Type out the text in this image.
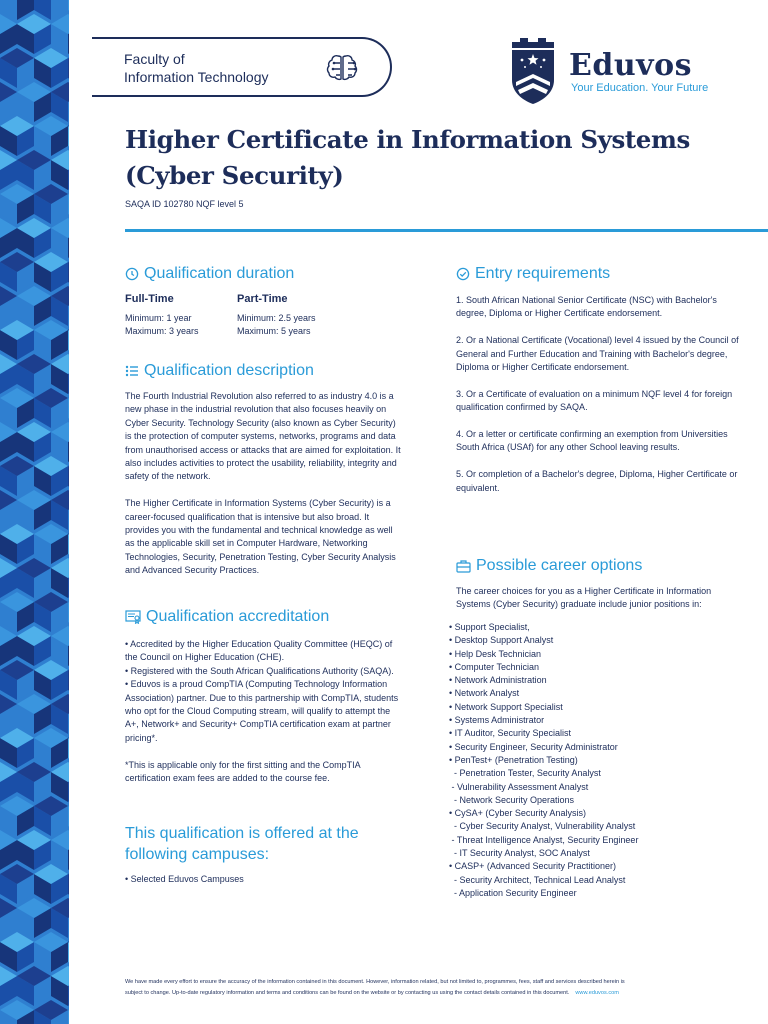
Faculty of
Information Technology	Eduvos
Your Education. Your Future
Higher Certificate in Information Systems
(Cyber Security)
SAQA ID 102780 NQF level 5
Qualification duration
Full-Time
Minimum: 1 year
Maximum: 3 years
Part-Time
Minimum: 2.5 years
Maximum: 5 years
Qualification description

The Fourth Industrial Revolution also referred to as industry 4.0 is a new phase in the industrial revolution that also focuses heavily on Cyber Security. Technology Security (also known as Cyber Security) is the protection of computer systems, networks, programs and data from unauthorised access or attacks that are aimed for exploitation. It also includes activities to protect the usability, reliability, integrity and safety of the network.

The Higher Certificate in Information Systems (Cyber Security) is a career-focused qualification that is intensive but also broad. It provides you with the fundamental and technical knowledge as well as the applicable skill set in Computer Hardware, Networking Technologies, Security, Penetration Testing, Cyber Security Analysis and Advanced Security Practices.

Qualification accreditation
• Accredited by the Higher Education Quality Committee (HEQC) of the Council on Higher Education (CHE).
• Registered with the South African Qualifications Authority (SAQA).
• Eduvos is a proud CompTIA (Computing Technology Information Association) partner. Due to this partnership with CompTIA, students who opt for the Cloud Computing stream, will qualify to attempt the A+, Network+ and Security+ CompTIA certification exam at partner pricing*.

*This is applicable only for the first sitting and the CompTIA certification exam fees are added to the course fee.

This qualification is offered at the following campuses:
• Selected Eduvos Campuses
Entry requirements
1. South African National Senior Certificate (NSC) with Bachelor's degree, Diploma or Higher Certificate endorsement.
2. Or a National Certificate (Vocational) level 4 issued by the Council of General and Further Education and Training with Bachelor's degree, Diploma or Higher Certificate endorsement.
3. Or a Certificate of evaluation on a minimum NQF level 4 for foreign qualification confirmed by SAQA.
4. Or a letter or certificate confirming an exemption from Universities South Africa (USAf) for any other School leaving results.
5. Or completion of a Bachelor's degree, Diploma, Higher Certificate or equivalent.
Possible career options
The career choices for you as a Higher Certificate in Information Systems (Cyber Security) graduate include junior positions in:
• Support Specialist,
• Desktop Support Analyst
• Help Desk Technician
• Computer Technician
• Network Administration
• Network Analyst
• Network Support Specialist
• Systems Administrator
• IT Auditor, Security Specialist
• Security Engineer, Security Administrator
• PenTest+ (Penetration Testing)
- Penetration Tester, Security Analyst
- Vulnerability Assessment Analyst
- Network Security Operations
• CySA+ (Cyber Security Analysis)
- Cyber Security Analyst, Vulnerability Analyst
- Threat Intelligence Analyst, Security Engineer
- IT Security Analyst, SOC Analyst
• CASP+ (Advanced Security Practitioner)
- Security Architect, Technical Lead Analyst
- Application Security Engineer
We have made every effort to ensure the accuracy of the information contained in this document. However, information related, but not limited to, programmes, fees, staff and services described herein is
subject to change. Up-to-date regulatory information and terms and conditions can be found on the website or by contacting us using the contact details contained in this document. www.eduvos.com
